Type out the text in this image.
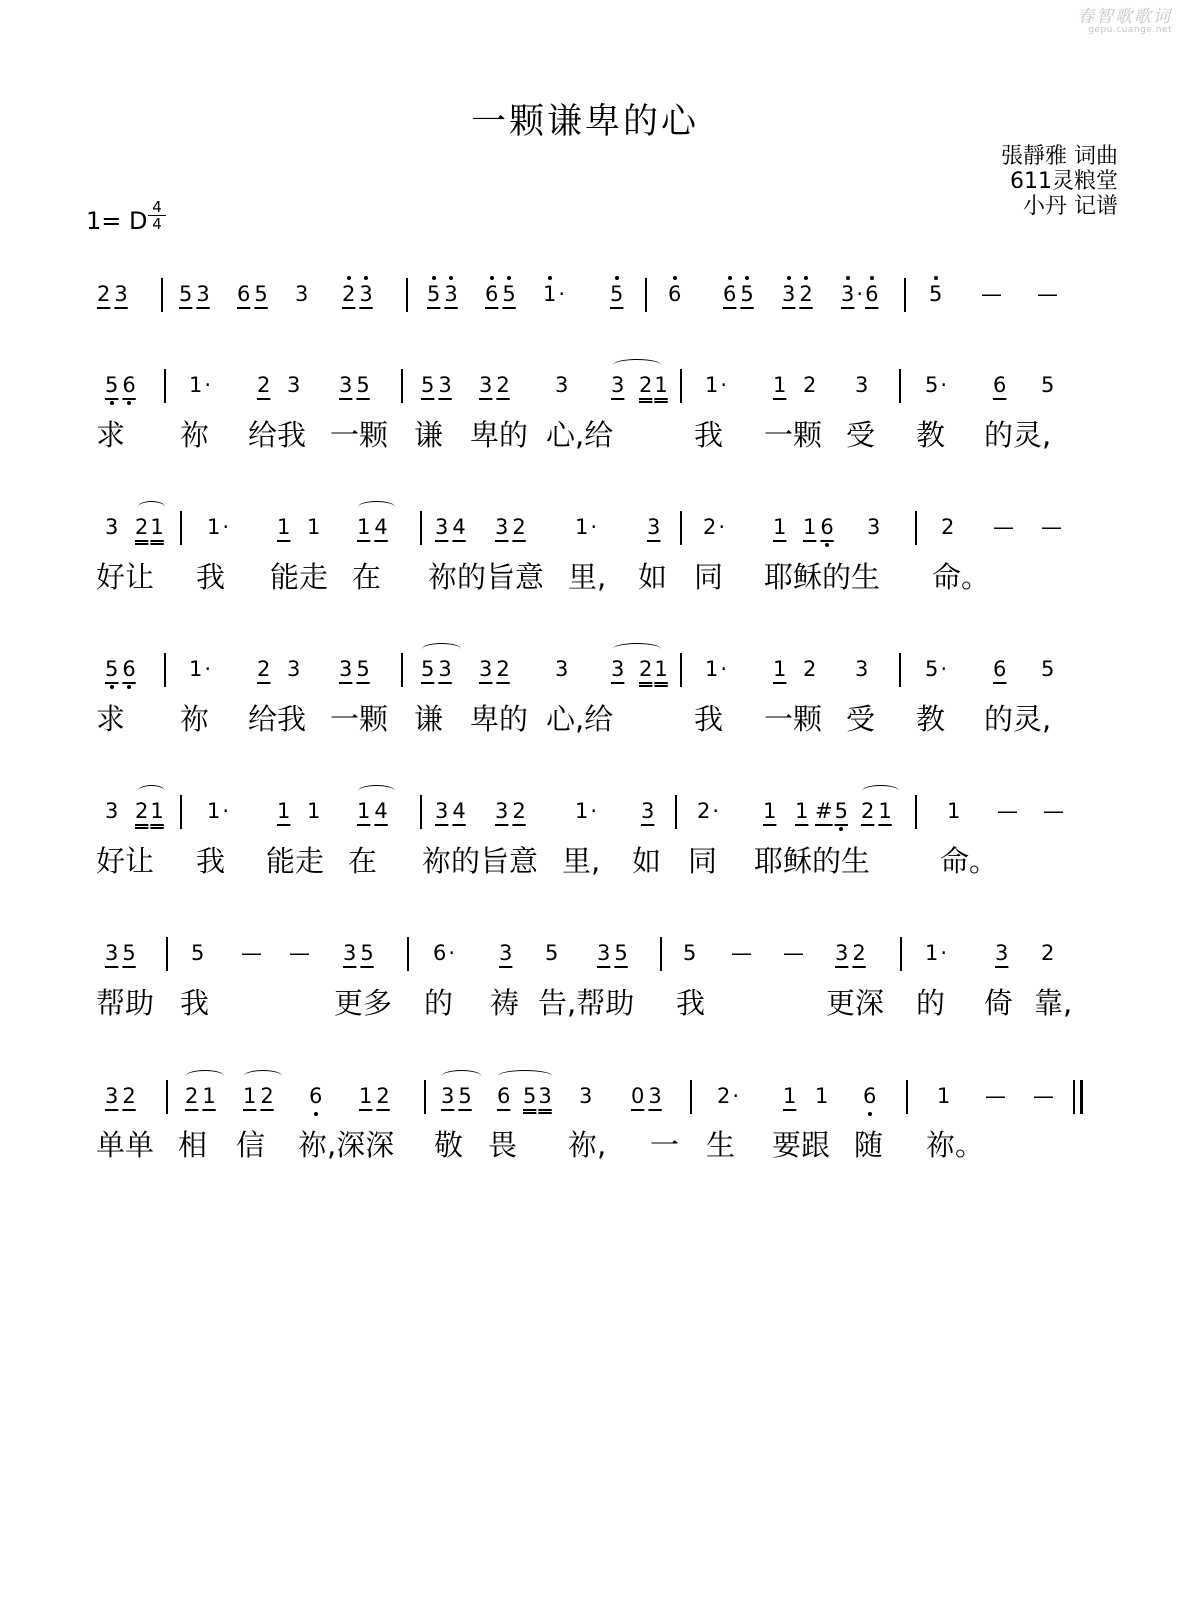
春智歌歌词
gepu.cuange.net
一颗谦卑的心
張靜雅 词曲
611灵粮堂
小丹 记谱
1= D 4
4
2 3 5 3 6 5 3 2 3	5 3 6 5 1· 5 6 6 5 3 2 3·6 5 — —
5 6	1· 2 3 3 5 5 3 3 2 3 3 21 1· 1 2 3	5· 6 5
3 21 1· 1 1 1 4 3 4 3 2 1· 3 2· 1 1 6 3	2 — —
5 6	1· 2 3 3 5 5 3 3 2 3 3 21 1· 1 2 3	5· 6 5
3 21 1· 1 1 1 4 3 4 3 2 1· 3 2· 1 1 #5 2 1	1 — —
3 5	5 — — 3 5	6· 3 5 3 5	5 — — 3 2	1· 3 2
3 2 2 1 1 2 6 1 2 3 5 6 53 3 0 3	2· 1 1 6	1 — —
求 祢 给我 一颗 谦 卑的 心,给	我 一颗 受 教 的灵,
好让 我 能走 在 祢的旨意 里, 如 同 耶稣的生 命。
求 祢 给我 一颗 谦 卑的 心,给	我 一颗 受 教 的灵,
好让 我 能走 在 祢的旨意 里, 如 同 耶稣的生 命。
帮助 我	更多 的 祷 告,帮助 我	更深 的 倚 靠,
单单 相 信 祢,深深 敬 畏 祢, 一 生 要跟 随 祢。
